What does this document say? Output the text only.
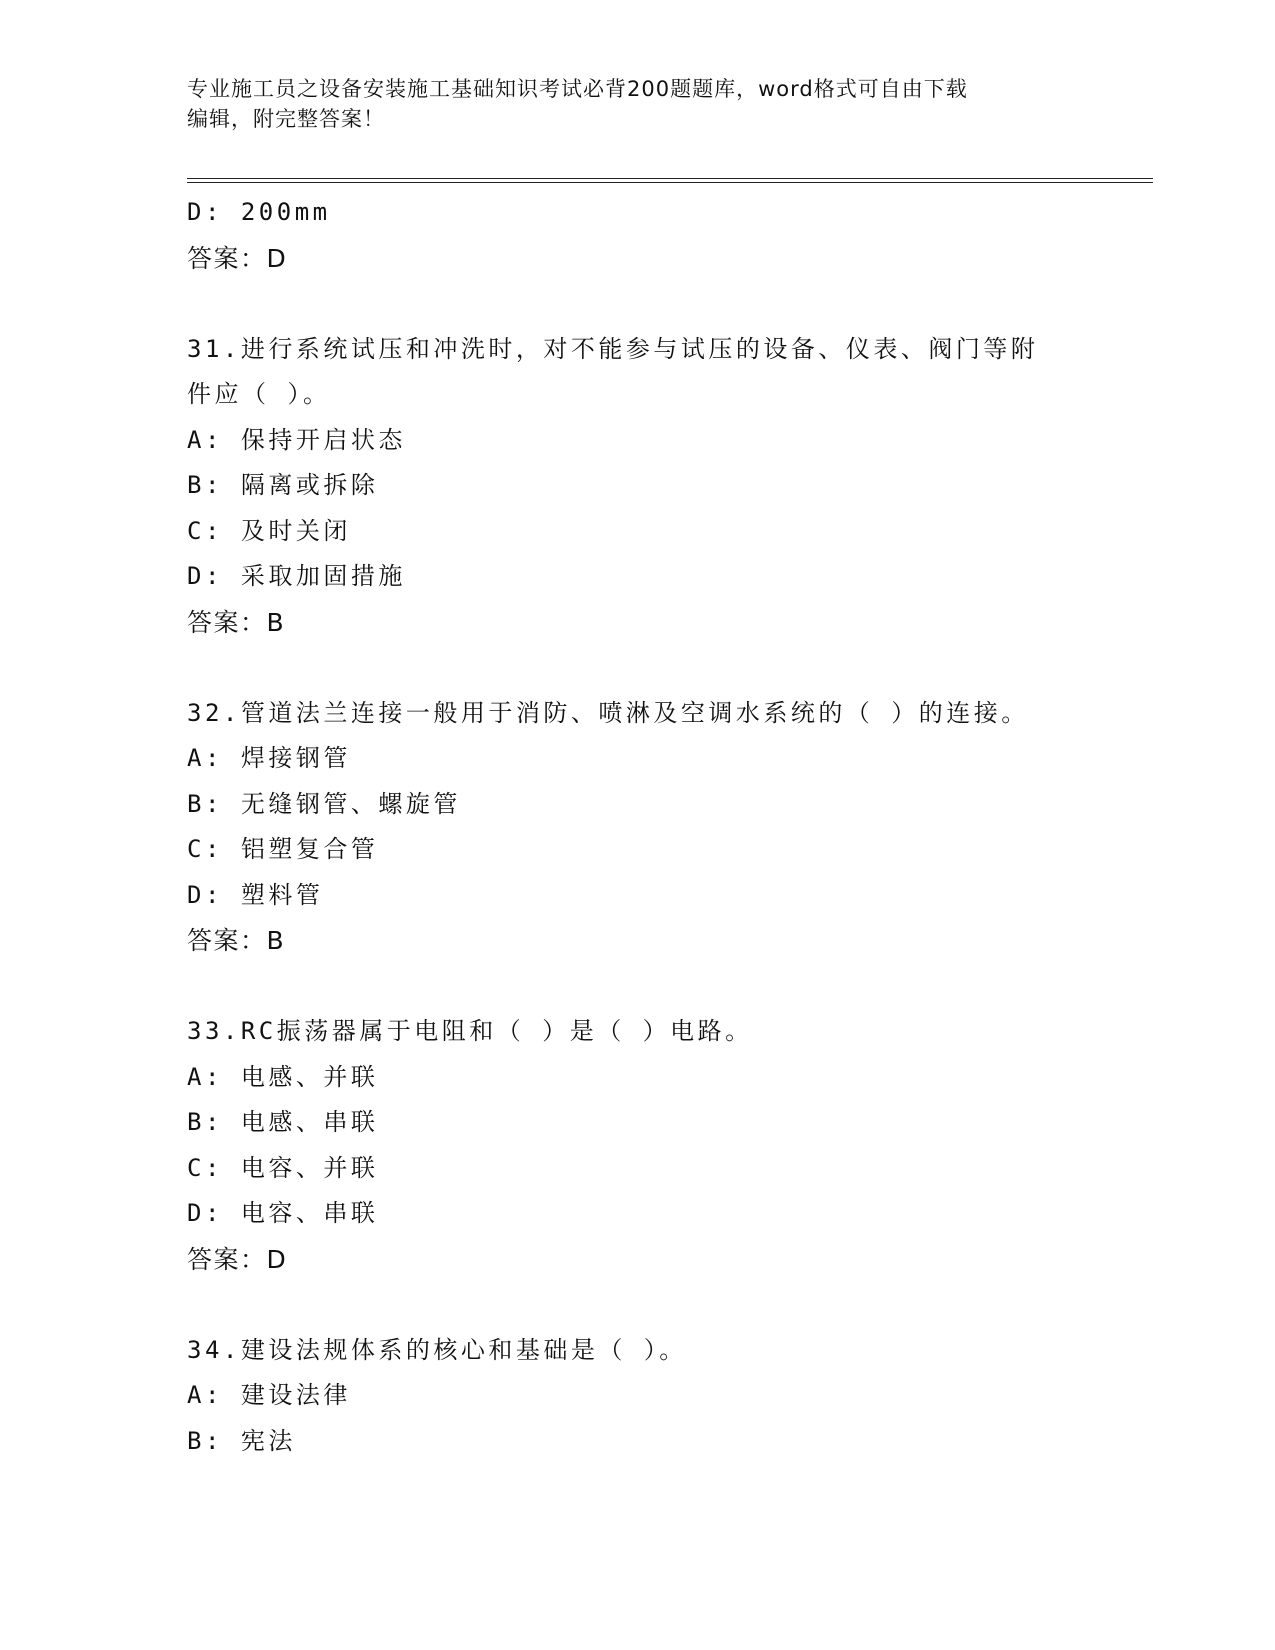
专业施工员之设备安装施工基础知识考试必背200题题库，word格式可自由下载
编辑，附完整答案！
D: 200mm
答案：D
31.进行系统试压和冲洗时，对不能参与试压的设备、仪表、阀门等附
件应（ ）。
A: 保持开启状态
B: 隔离或拆除
C: 及时关闭
D: 采取加固措施
答案：B
32.管道法兰连接一般用于消防、喷淋及空调水系统的（ ）的连接。
A: 焊接钢管
B: 无缝钢管、螺旋管
C: 铝塑复合管
D: 塑料管
答案：B
33.RC振荡器属于电阻和（ ）是（ ）电路。
A: 电感、并联
B: 电感、串联
C: 电容、并联
D: 电容、串联
答案：D
34.建设法规体系的核心和基础是（ ）。
A: 建设法律
B: 宪法
